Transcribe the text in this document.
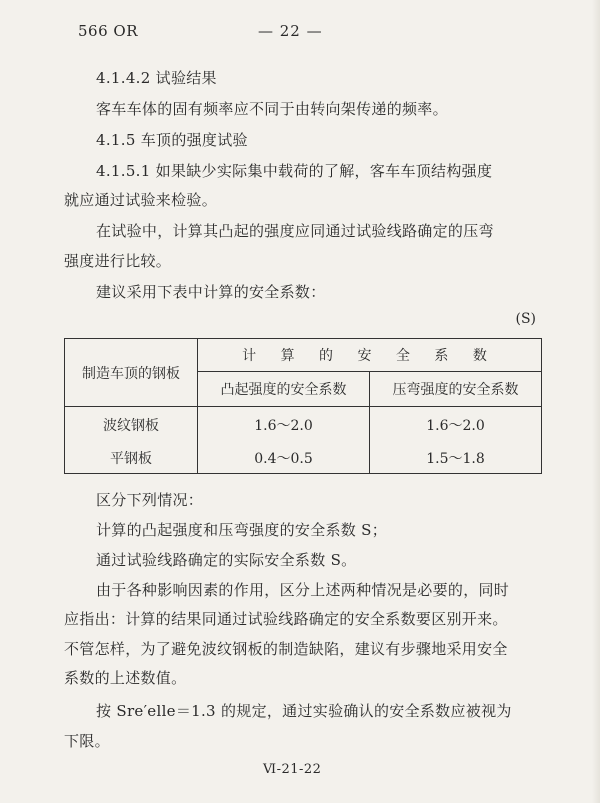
566 OR	— 22 —
4.1.4.2 试验结果
客车车体的固有频率应不同于由转向架传递的频率。
4.1.5 车顶的强度试验
4.1.5.1 如果缺少实际集中载荷的了解，客车车顶结构强度
就应通过试验来检验。
在试验中，计算其凸起的强度应同通过试验线路确定的压弯
强度进行比较。
建议采用下表中计算的安全系数：
(S)
制造车顶的钢板	计 算 的 安 全 系 数	
	凸起强度的安全系数	压弯强度的安全系数
波纹钢板	1.6～2.0	1.6～2.0
平钢板	0.4～0.5	1.5～1.8
区分下列情况：
计算的凸起强度和压弯强度的安全系数 S；
通过试验线路确定的实际安全系数 S。
由于各种影响因素的作用，区分上述两种情况是必要的，同时
应指出：计算的结果同通过试验线路确定的安全系数要区别开来。
不管怎样，为了避免波纹钢板的制造缺陷，建议有步骤地采用安全
系数的上述数值。
按 Sre′elle＝1.3 的规定，通过实验确认的安全系数应被视为
下限。
Ⅵ-21-22
